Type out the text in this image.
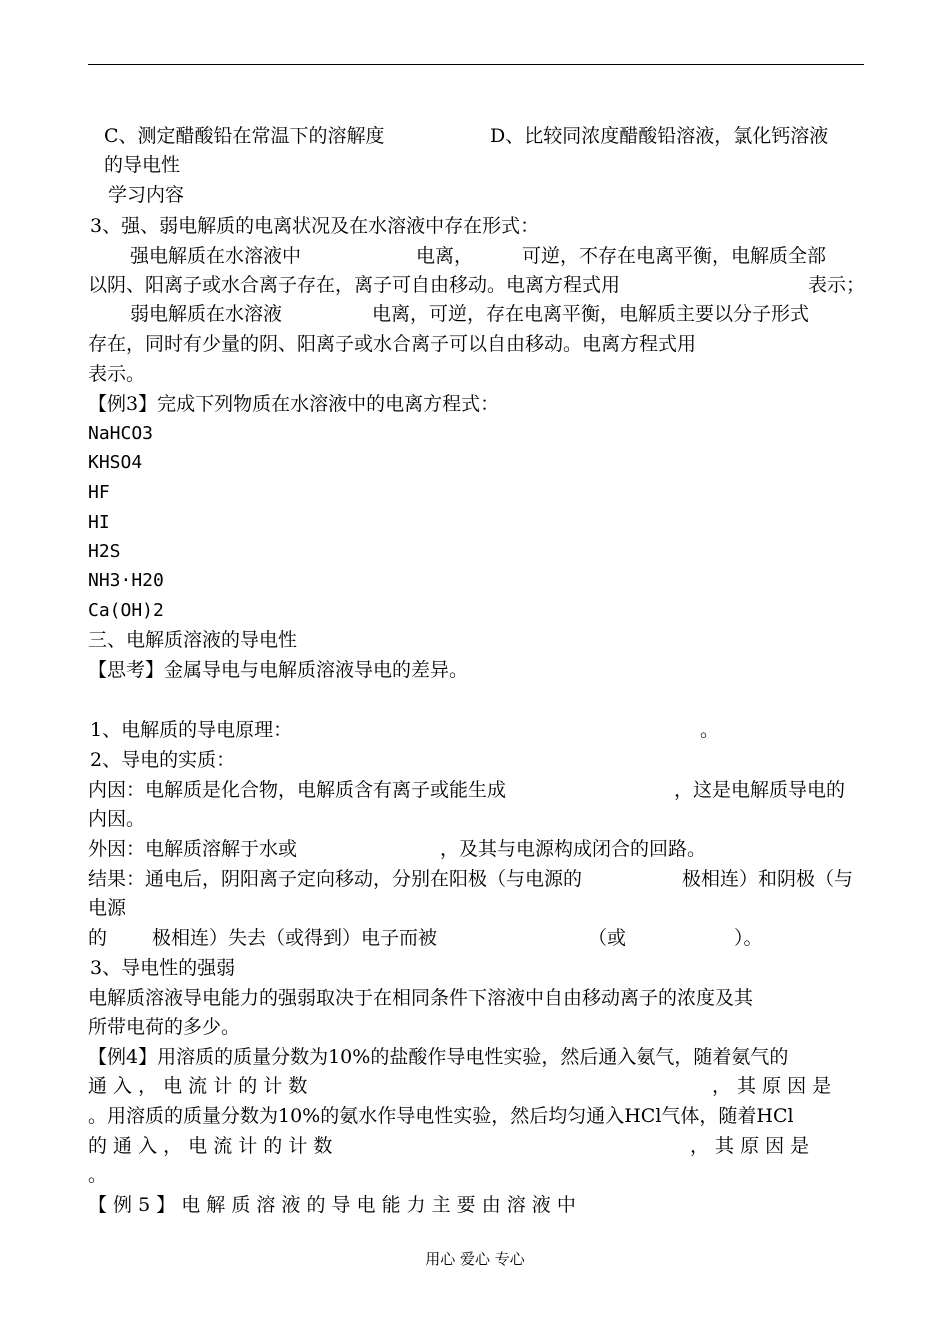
C、测定醋酸铅在常温下的溶解度	D、比较同浓度醋酸铅溶液，氯化钙溶液
的导电性
学习内容
3、强、弱电解质的电离状况及在水溶液中存在形式：
强电解质在水溶液中	电离，	可逆，不存在电离平衡，电解质全部
以阴、阳离子或水合离子存在，离子可自由移动。电离方程式用	表示；
弱电解质在水溶液	电离，可逆，存在电离平衡，电解质主要以分子形式
存在，同时有少量的阴、阳离子或水合离子可以自由移动。电离方程式用
表示。
【例3】完成下列物质在水溶液中的电离方程式：
NaHCO3
KHSO4
HF
HI
H2S
NH3·H20
Ca(OH)2
三、电解质溶液的导电性
【思考】金属导电与电解质溶液导电的差异。
1、电解质的导电原理：	。
2、导电的实质：
内因：电解质是化合物，电解质含有离子或能生成	，这是电解质导电的
内因。
外因：电解质溶解于水或	，及其与电源构成闭合的回路。
结果：通电后，阴阳离子定向移动，分别在阳极（与电源的	极相连）和阴极（与
电源
的 极相连）失去（或得到）电子而被	（或	）。
3、导电性的强弱
电解质溶液导电能力的强弱取决于在相同条件下溶液中自由移动离子的浓度及其
所带电荷的多少。
【例4】用溶质的质量分数为10%的盐酸作导电性实验，然后通入氨气，随着氨气的
通 入 ， 电 流 计 的 计 数	， 其 原 因 是
。用溶质的质量分数为10%的氨水作导电性实验，然后均匀通入HCl气体，随着HCl
的 通 入 ， 电 流 计 的 计 数	， 其 原 因 是
。
【 例 5 】 电 解 质 溶 液 的 导 电 能 力 主 要 由 溶 液 中
用心 爱心 专心
